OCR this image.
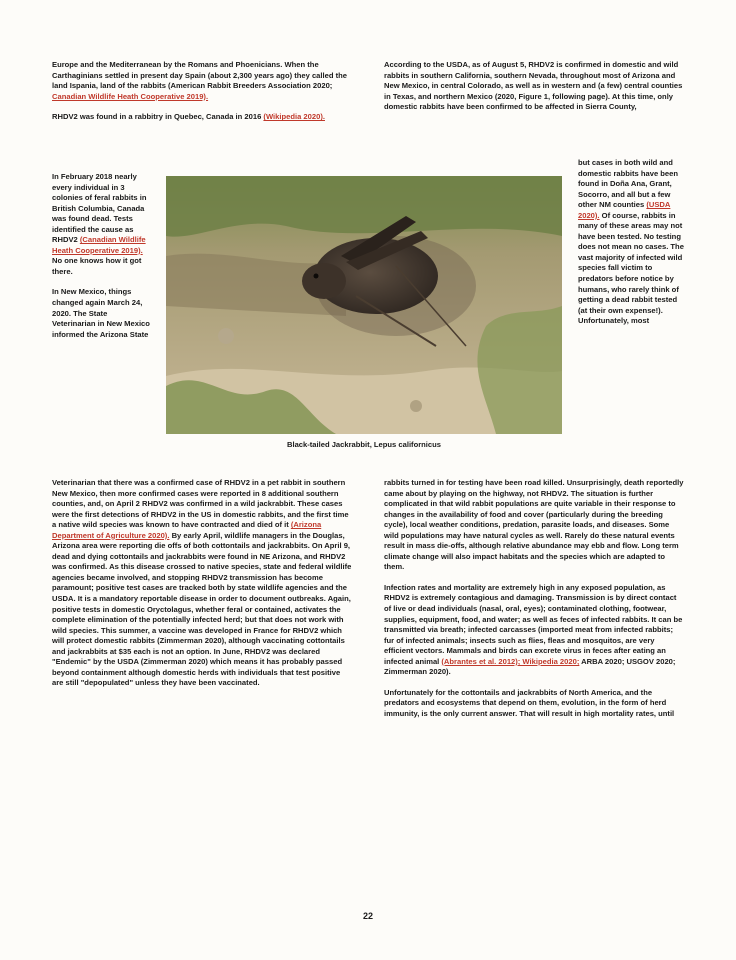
Europe and the Mediterranean by the Romans and Phoenicians. When the Carthaginians settled in present day Spain (about 2,300 years ago) they called the land Ispania, land of the rabbits (American Rabbit Breeders Association 2020; Canadian Wildlife Heath Cooperative 2019).

RHDV2 was found in a rabbitry in Quebec, Canada in 2016 (Wikipedia 2020).

In February 2018 nearly every individual in 3 colonies of feral rabbits in British Columbia, Canada was found dead. Tests identified the cause as RHDV2 (Canadian Wildlife Heath Cooperative 2019). No one knows how it got there.

In New Mexico, things changed again March 24, 2020. The State Veterinarian in New Mexico informed the Arizona State

Black-tailed Jackrabbit, Lepus californicus

According to the USDA, as of August 5, RHDV2 is confirmed in domestic and wild rabbits in southern California, southern Nevada, throughout most of Arizona and New Mexico, in central Colorado, as well as in western and (a few) central counties in Texas, and northern Mexico (2020, Figure 1, following page). At this time, only domestic rabbits have been confirmed to be affected in Sierra County,

but cases in both wild and domestic rabbits have been found in Doña Ana, Grant, Socorro, and all but a few other NM counties (USDA 2020). Of course, rabbits in many of these areas may not have been tested. No testing does not mean no cases. The vast majority of infected wild species fall victim to predators before notice by humans, who rarely think of getting a dead rabbit tested (at their own expense!). Unfortunately, most

Veterinarian that there was a confirmed case of RHDV2 in a pet rabbit in southern New Mexico, then more confirmed cases were reported in 8 additional southern counties, and, on April 2 RHDV2 was confirmed in a wild jackrabbit. These cases were the first detections of RHDV2 in the US in domestic rabbits, and the first time a native wild species was known to have contracted and died of it (Arizona Department of Agriculture 2020). By early April, wildlife managers in the Douglas, Arizona area were reporting die offs of both cottontails and jackrabbits. On April 9, dead and dying cottontails and jackrabbits were found in NE Arizona, and RHDV2 was confirmed. As this disease crossed to native species, state and federal wildlife agencies became involved, and stopping RHDV2 transmission has become paramount; positive test cases are tracked both by state wildlife agencies and the USDA. It is a mandatory reportable disease in order to document outbreaks. Again, positive tests in domestic Oryctolagus, whether feral or contained, activates the complete elimination of the potentially infected herd; but that does not work with wild species. This summer, a vaccine was developed in France for RHDV2 which will protect domestic rabbits (Zimmerman 2020), although vaccinating cottontails and jackrabbits at $35 each is not an option. In June, RHDV2 was declared "Endemic" by the USDA (Zimmerman 2020) which means it has probably passed beyond containment although domestic herds with individuals that test positive are still "depopulated" unless they have been vaccinated.

rabbits turned in for testing have been road killed. Unsurprisingly, death reportedly came about by playing on the highway, not RHDV2. The situation is further complicated in that wild rabbit populations are quite variable in their response to changes in the availability of food and cover (particularly during the breeding cycle), local weather conditions, predation, parasite loads, and diseases. Some wild populations may have natural cycles as well. Rarely do these natural events result in mass die-offs, although relative abundance may ebb and flow. Long term climate change will also impact habitats and the species which are adapted to them.

Infection rates and mortality are extremely high in any exposed population, as RHDV2 is extremely contagious and damaging. Transmission is by direct contact of live or dead individuals (nasal, oral, eyes); contaminated clothing, footwear, supplies, equipment, food, and water; as well as feces of infected rabbits. It can be transmitted via breath; infected carcasses (imported meat from infected rabbits; fur of infected animals; insects such as flies, fleas and mosquitos, are very efficient vectors. Mammals and birds can excrete virus in feces after eating an infected animal (Abrantes et al. 2012); Wikipedia 2020; ARBA 2020; USGOV 2020; Zimmerman 2020).

Unfortunately for the cottontails and jackrabbits of North America, and the predators and ecosystems that depend on them, evolution, in the form of herd immunity, is the only current answer. That will result in high mortality rates, until

22
